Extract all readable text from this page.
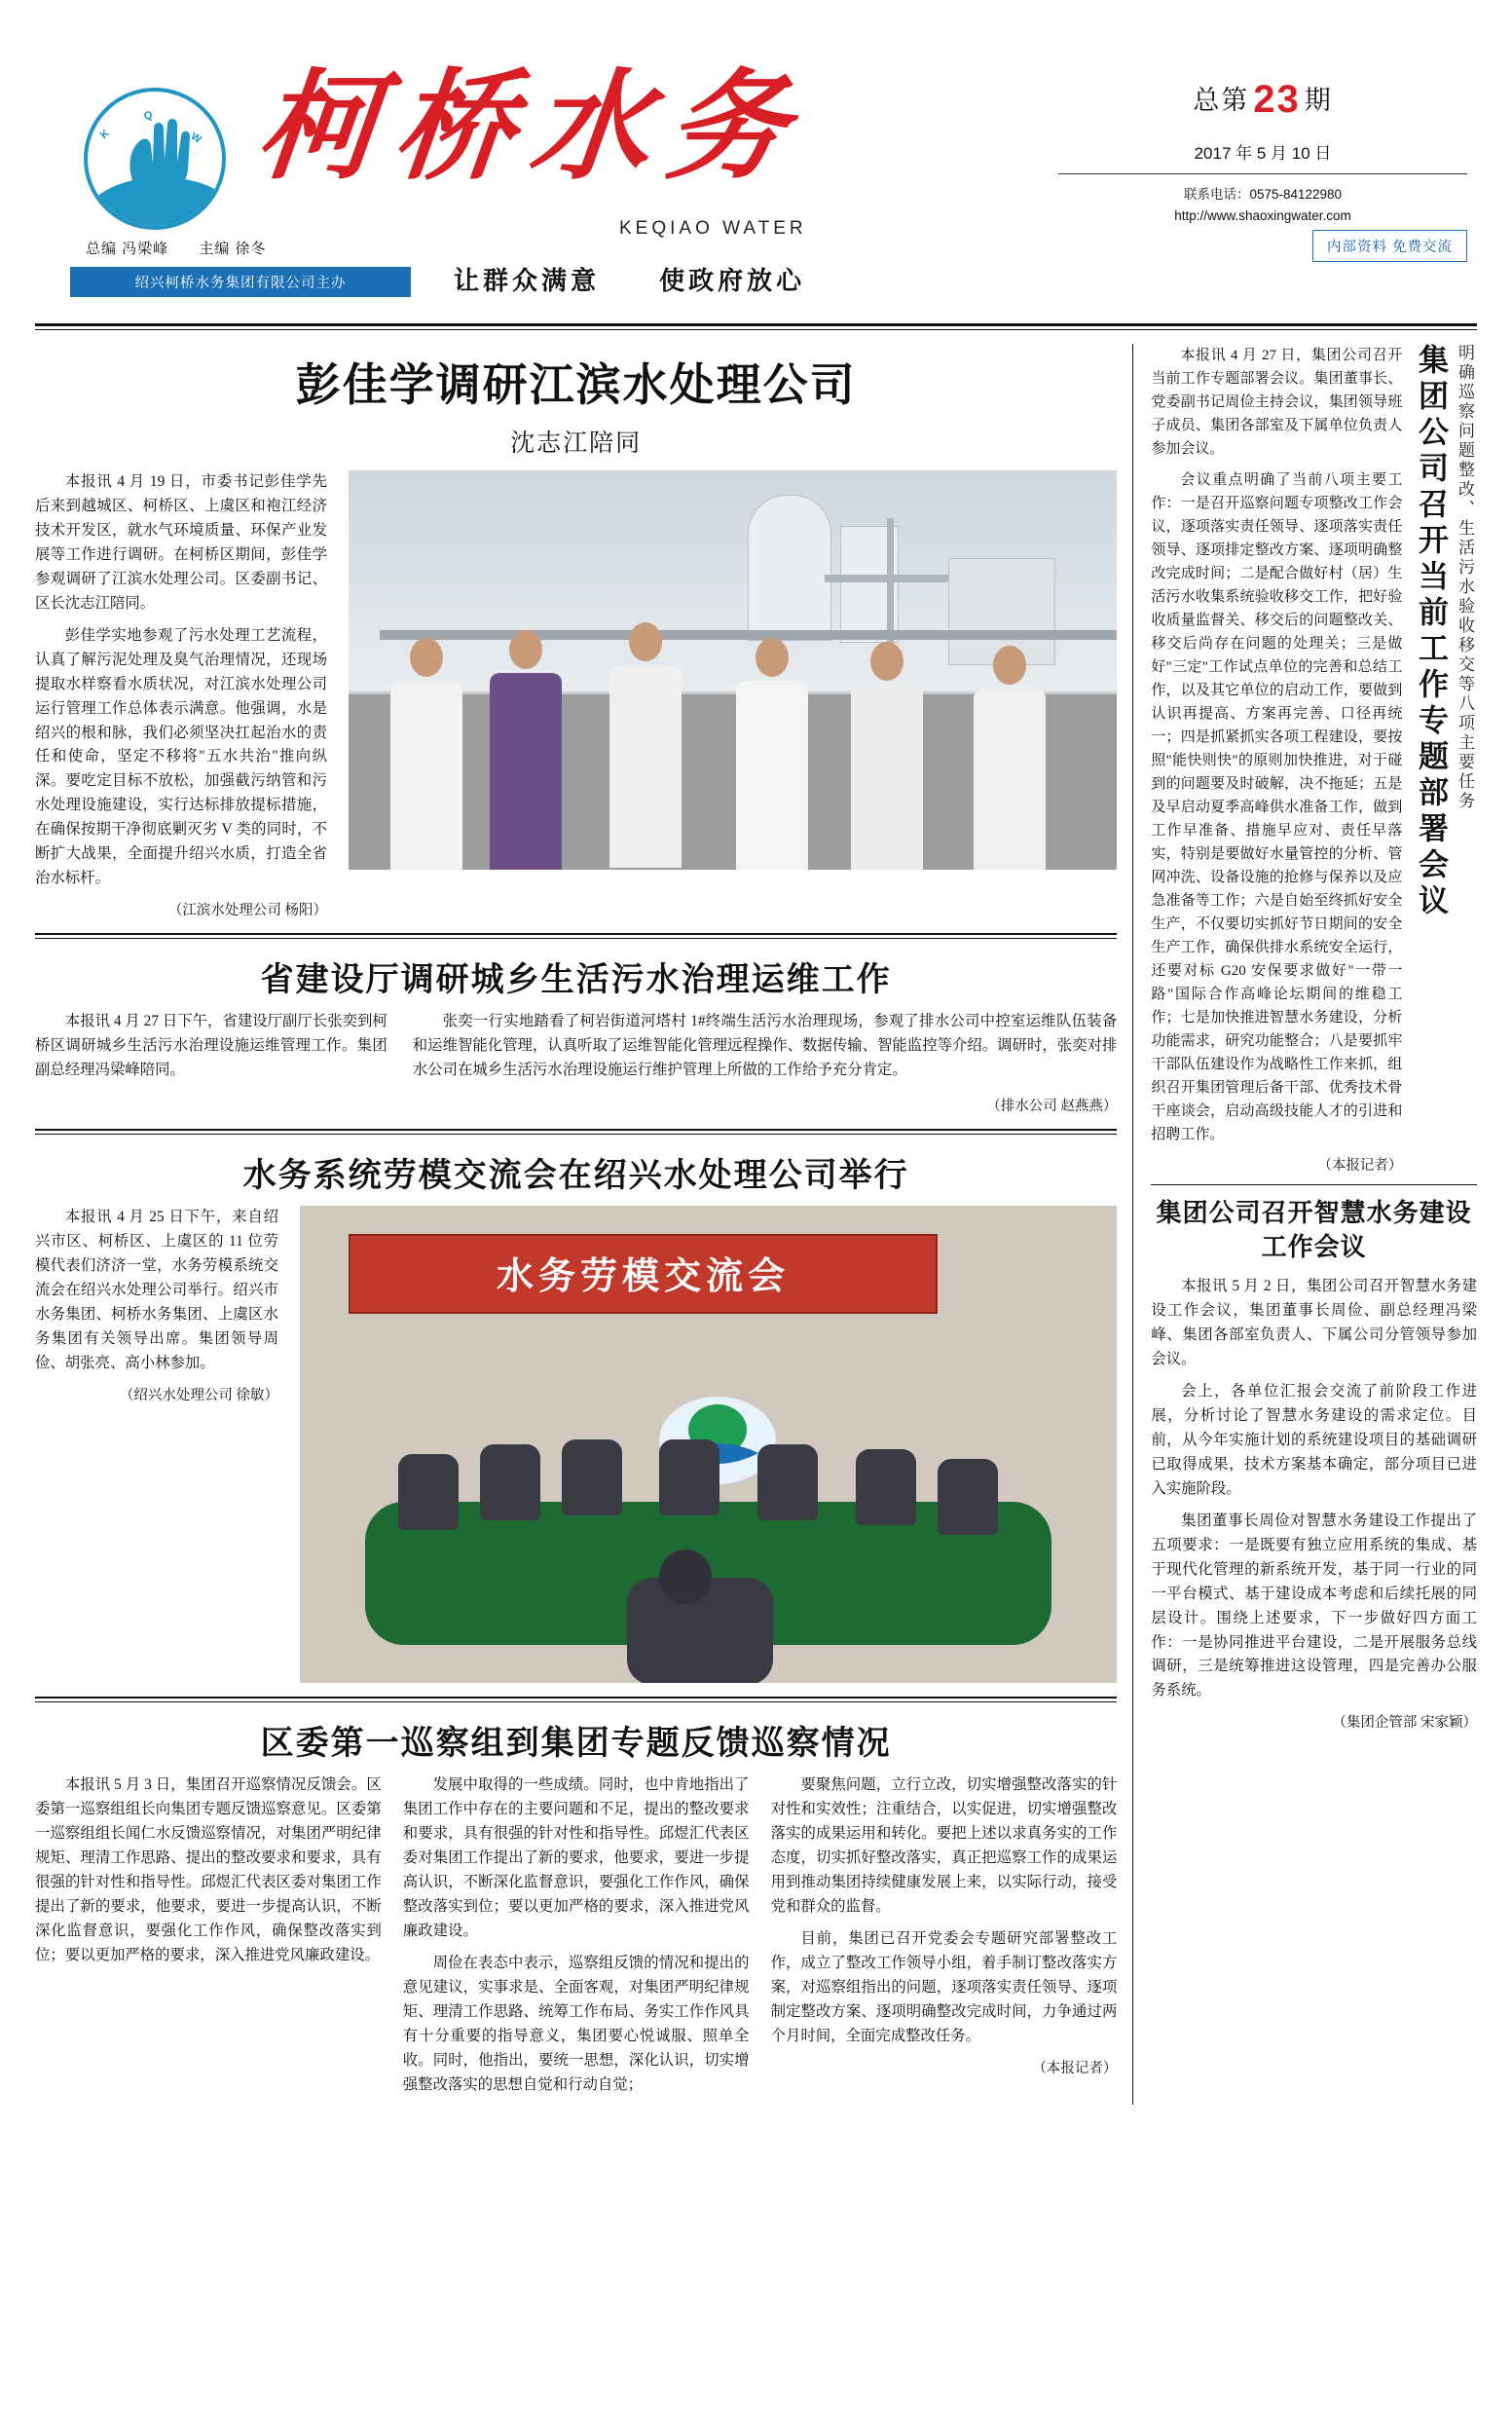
K
Q
W
·.·
柯桥水务
KEQIAO WATER
总第 23 期
2017 年 5 月 10 日
联系电话：0575-84122980
http://www.shaoxingwater.com
内部资料 免费交流
总编 冯梁峰 主编 徐冬
绍兴柯桥水务集团有限公司主办	让群众满意 使政府放心
彭佳学调研江滨水处理公司
沈志江陪同

本报讯 4 月 19 日，市委书记彭佳学先后来到越城区、柯桥区、上虞区和袍江经济技术开发区，就水气环境质量、环保产业发展等工作进行调研。在柯桥区期间，彭佳学参观调研了江滨水处理公司。区委副书记、区长沈志江陪同。

彭佳学实地参观了污水处理工艺流程，认真了解污泥处理及臭气治理情况，还现场提取水样察看水质状况，对江滨水处理公司运行管理工作总体表示满意。他强调，水是绍兴的根和脉，我们必须坚决扛起治水的责任和使命，坚定不移将"五水共治"推向纵深。要吃定目标不放松，加强截污纳管和污水处理设施建设，实行达标排放提标措施，在确保按期干净彻底剿灭劣 V 类的同时，不断扩大战果，全面提升绍兴水质，打造全省治水标杆。

（江滨水处理公司 杨阳）
省建设厅调研城乡生活污水治理运维工作

本报讯 4 月 27 日下午，省建设厅副厅长张奕到柯桥区调研城乡生活污水治理设施运维管理工作。集团副总经理冯梁峰陪同。

张奕一行实地踏看了柯岩街道河塔村 1#终端生活污水治理现场，参观了排水公司中控室运维队伍装备和运维智能化管理，认真听取了运维智能化管理远程操作、数据传输、智能监控等介绍。调研时，张奕对排水公司在城乡生活污水治理设施运行维护管理上所做的工作给予充分肯定。

（排水公司 赵燕燕）
水务系统劳模交流会在绍兴水处理公司举行

本报讯 4 月 25 日下午，来自绍兴市区、柯桥区、上虞区的 11 位劳模代表们济济一堂，水务劳模系统交流会在绍兴水处理公司举行。绍兴市水务集团、柯桥水务集团、上虞区水务集团有关领导出席。集团领导周俭、胡张亮、高小林参加。

（绍兴水处理公司 徐敏）
水务劳模交流会
区委第一巡察组到集团专题反馈巡察情况

本报讯 5 月 3 日，集团召开巡察情况反馈会。区委第一巡察组组长向集团专题反馈巡察意见。区委第一巡察组组长闻仁水反馈巡察情况，对集团严明纪律规矩、理清工作思路、提出的整改要求和要求，具有很强的针对性和指导性。邱煜汇代表区委对集团工作提出了新的要求，他要求，要进一步提高认识，不断深化监督意识，要强化工作作风，确保整改落实到位；要以更加严格的要求，深入推进党风廉政建设。

发展中取得的一些成绩。同时，也中肯地指出了集团工作中存在的主要问题和不足，提出的整改要求和要求，具有很强的针对性和指导性。邱煜汇代表区委对集团工作提出了新的要求，他要求，要进一步提高认识，不断深化监督意识，要强化工作作风，确保整改落实到位；要以更加严格的要求，深入推进党风廉政建设。

周俭在表态中表示，巡察组反馈的情况和提出的意见建议，实事求是、全面客观，对集团严明纪律规矩、理清工作思路、统筹工作布局、务实工作作风具有十分重要的指导意义，集团要心悦诚服、照单全收。同时，他指出，要统一思想，深化认识，切实增强整改落实的思想自觉和行动自觉；

要聚焦问题，立行立改，切实增强整改落实的针对性和实效性；注重结合，以实促进，切实增强整改落实的成果运用和转化。要把上述以求真务实的工作态度，切实抓好整改落实，真正把巡察工作的成果运用到推动集团持续健康发展上来，以实际行动，接受党和群众的监督。

目前，集团已召开党委会专题研究部署整改工作，成立了整改工作领导小组，着手制订整改落实方案，对巡察组指出的问题，逐项落实责任领导、逐项制定整改方案、逐项明确整改完成时间，力争通过两个月时间，全面完成整改任务。

（本报记者）
明确巡察问题整改、生活污水验收移交等八项主要任务
集团公司召开当前工作专题部署会议

本报讯 4 月 27 日，集团公司召开当前工作专题部署会议。集团董事长、党委副书记周俭主持会议，集团领导班子成员、集团各部室及下属单位负责人参加会议。

会议重点明确了当前八项主要工作：一是召开巡察问题专项整改工作会议，逐项落实责任领导、逐项落实责任领导、逐项排定整改方案、逐项明确整改完成时间；二是配合做好村（居）生活污水收集系统验收移交工作，把好验收质量监督关、移交后的问题整改关、移交后尚存在问题的处理关；三是做好"三定"工作试点单位的完善和总结工作，以及其它单位的启动工作，要做到认识再提高、方案再完善、口径再统一；四是抓紧抓实各项工程建设，要按照"能快则快"的原则加快推进，对于碰到的问题要及时破解，决不拖延；五是及早启动夏季高峰供水准备工作，做到工作早准备、措施早应对、责任早落实，特别是要做好水量管控的分析、管网冲洗、设备设施的抢修与保养以及应急准备等工作；六是自始至终抓好安全生产，不仅要切实抓好节日期间的安全生产工作，确保供排水系统安全运行，还要对标 G20 安保要求做好"一带一路"国际合作高峰论坛期间的维稳工作；七是加快推进智慧水务建设，分析功能需求，研究功能整合；八是要抓牢干部队伍建设作为战略性工作来抓，组织召开集团管理后备干部、优秀技术骨干座谈会，启动高级技能人才的引进和招聘工作。

（本报记者）
集团公司召开智慧水务建设工作会议

本报讯 5 月 2 日，集团公司召开智慧水务建设工作会议，集团董事长周俭、副总经理冯梁峰、集团各部室负责人、下属公司分管领导参加会议。

会上，各单位汇报会交流了前阶段工作进展，分析讨论了智慧水务建设的需求定位。目前，从今年实施计划的系统建设项目的基础调研已取得成果，技术方案基本确定，部分项目已进入实施阶段。

集团董事长周俭对智慧水务建设工作提出了五项要求：一是既要有独立应用系统的集成、基于现代化管理的新系统开发，基于同一行业的同一平台模式、基于建设成本考虑和后续托展的同层设计。围绕上述要求，下一步做好四方面工作：一是协同推进平台建设，二是开展服务总线调研，三是统筹推进这设管理，四是完善办公服务系统。

（集团企管部 宋家颖）
